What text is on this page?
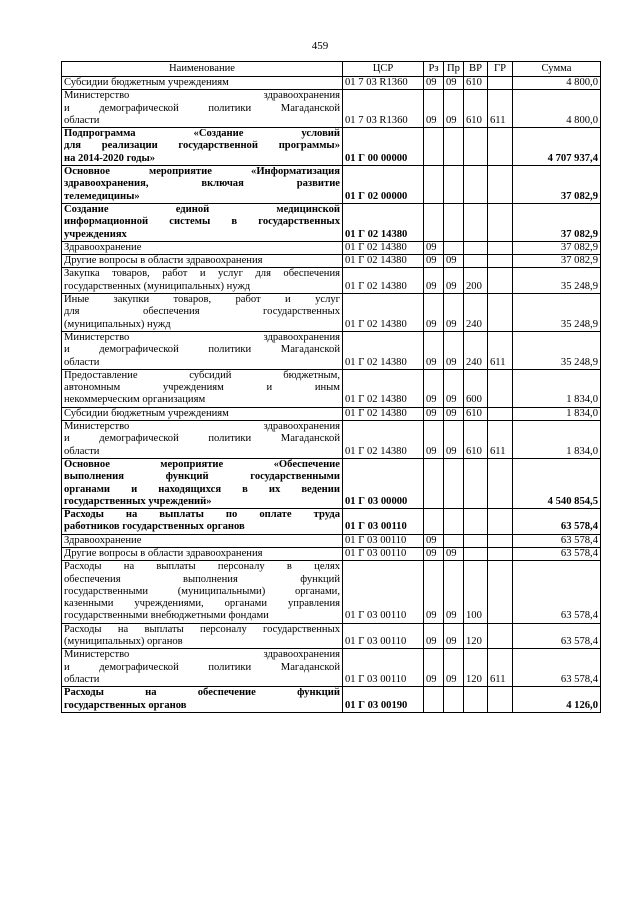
459
Наименование	ЦСР	Рз	Пр	ВР	ГР	Сумма

Субсидии бюджетным учреждениям	01 7 03 R1360	09	09	610		4 800,0

Министерство здравоохранения
и демографической политики Магаданской
области	01 7 03 R1360	09	09	610	611	4 800,0

Подпрограмма «Создание условий
для реализации государственной программы»
на 2014-2020 годы»	01 Г 00 00000					4 707 937,4

Основное мероприятие «Информатизация
здравоохранения, включая развитие
телемедицины»	01 Г 02 00000					37 082,9

Создание единой медицинской
информационной системы в государственных
учреждениях	01 Г 02 14380					37 082,9

Здравоохранение	01 Г 02 14380	09				37 082,9

Другие вопросы в области здравоохранения	01 Г 02 14380	09	09			37 082,9

Закупка товаров, работ и услуг для обеспечения
государственных (муниципальных) нужд	01 Г 02 14380	09	09	200		35 248,9

Иные закупки товаров, работ и услуг
для обеспечения государственных
(муниципальных) нужд	01 Г 02 14380	09	09	240		35 248,9

Министерство здравоохранения
и демографической политики Магаданской
области	01 Г 02 14380	09	09	240	611	35 248,9

Предоставление субсидий бюджетным,
автономным учреждениям и иным
некоммерческим организациям	01 Г 02 14380	09	09	600		1 834,0

Субсидии бюджетным учреждениям	01 Г 02 14380	09	09	610		1 834,0

Министерство здравоохранения
и демографической политики Магаданской
области	01 Г 02 14380	09	09	610	611	1 834,0

Основное мероприятие «Обеспечение
выполнения функций государственными
органами и находящихся в их ведении
государственных учреждений»	01 Г 03 00000					4 540 854,5

Расходы на выплаты по оплате труда
работников государственных органов	01 Г 03 00110					63 578,4

Здравоохранение	01 Г 03 00110	09				63 578,4

Другие вопросы в области здравоохранения	01 Г 03 00110	09	09			63 578,4

Расходы на выплаты персоналу в целях
обеспечения выполнения функций
государственными (муниципальными) органами,
казенными учреждениями, органами управления
государственными внебюджетными фондами	01 Г 03 00110	09	09	100		63 578,4

Расходы на выплаты персоналу государственных
(муниципальных) органов	01 Г 03 00110	09	09	120		63 578,4

Министерство здравоохранения
и демографической политики Магаданской
области	01 Г 03 00110	09	09	120	611	63 578,4

Расходы на обеспечение функций
государственных органов	01 Г 03 00190					4 126,0
